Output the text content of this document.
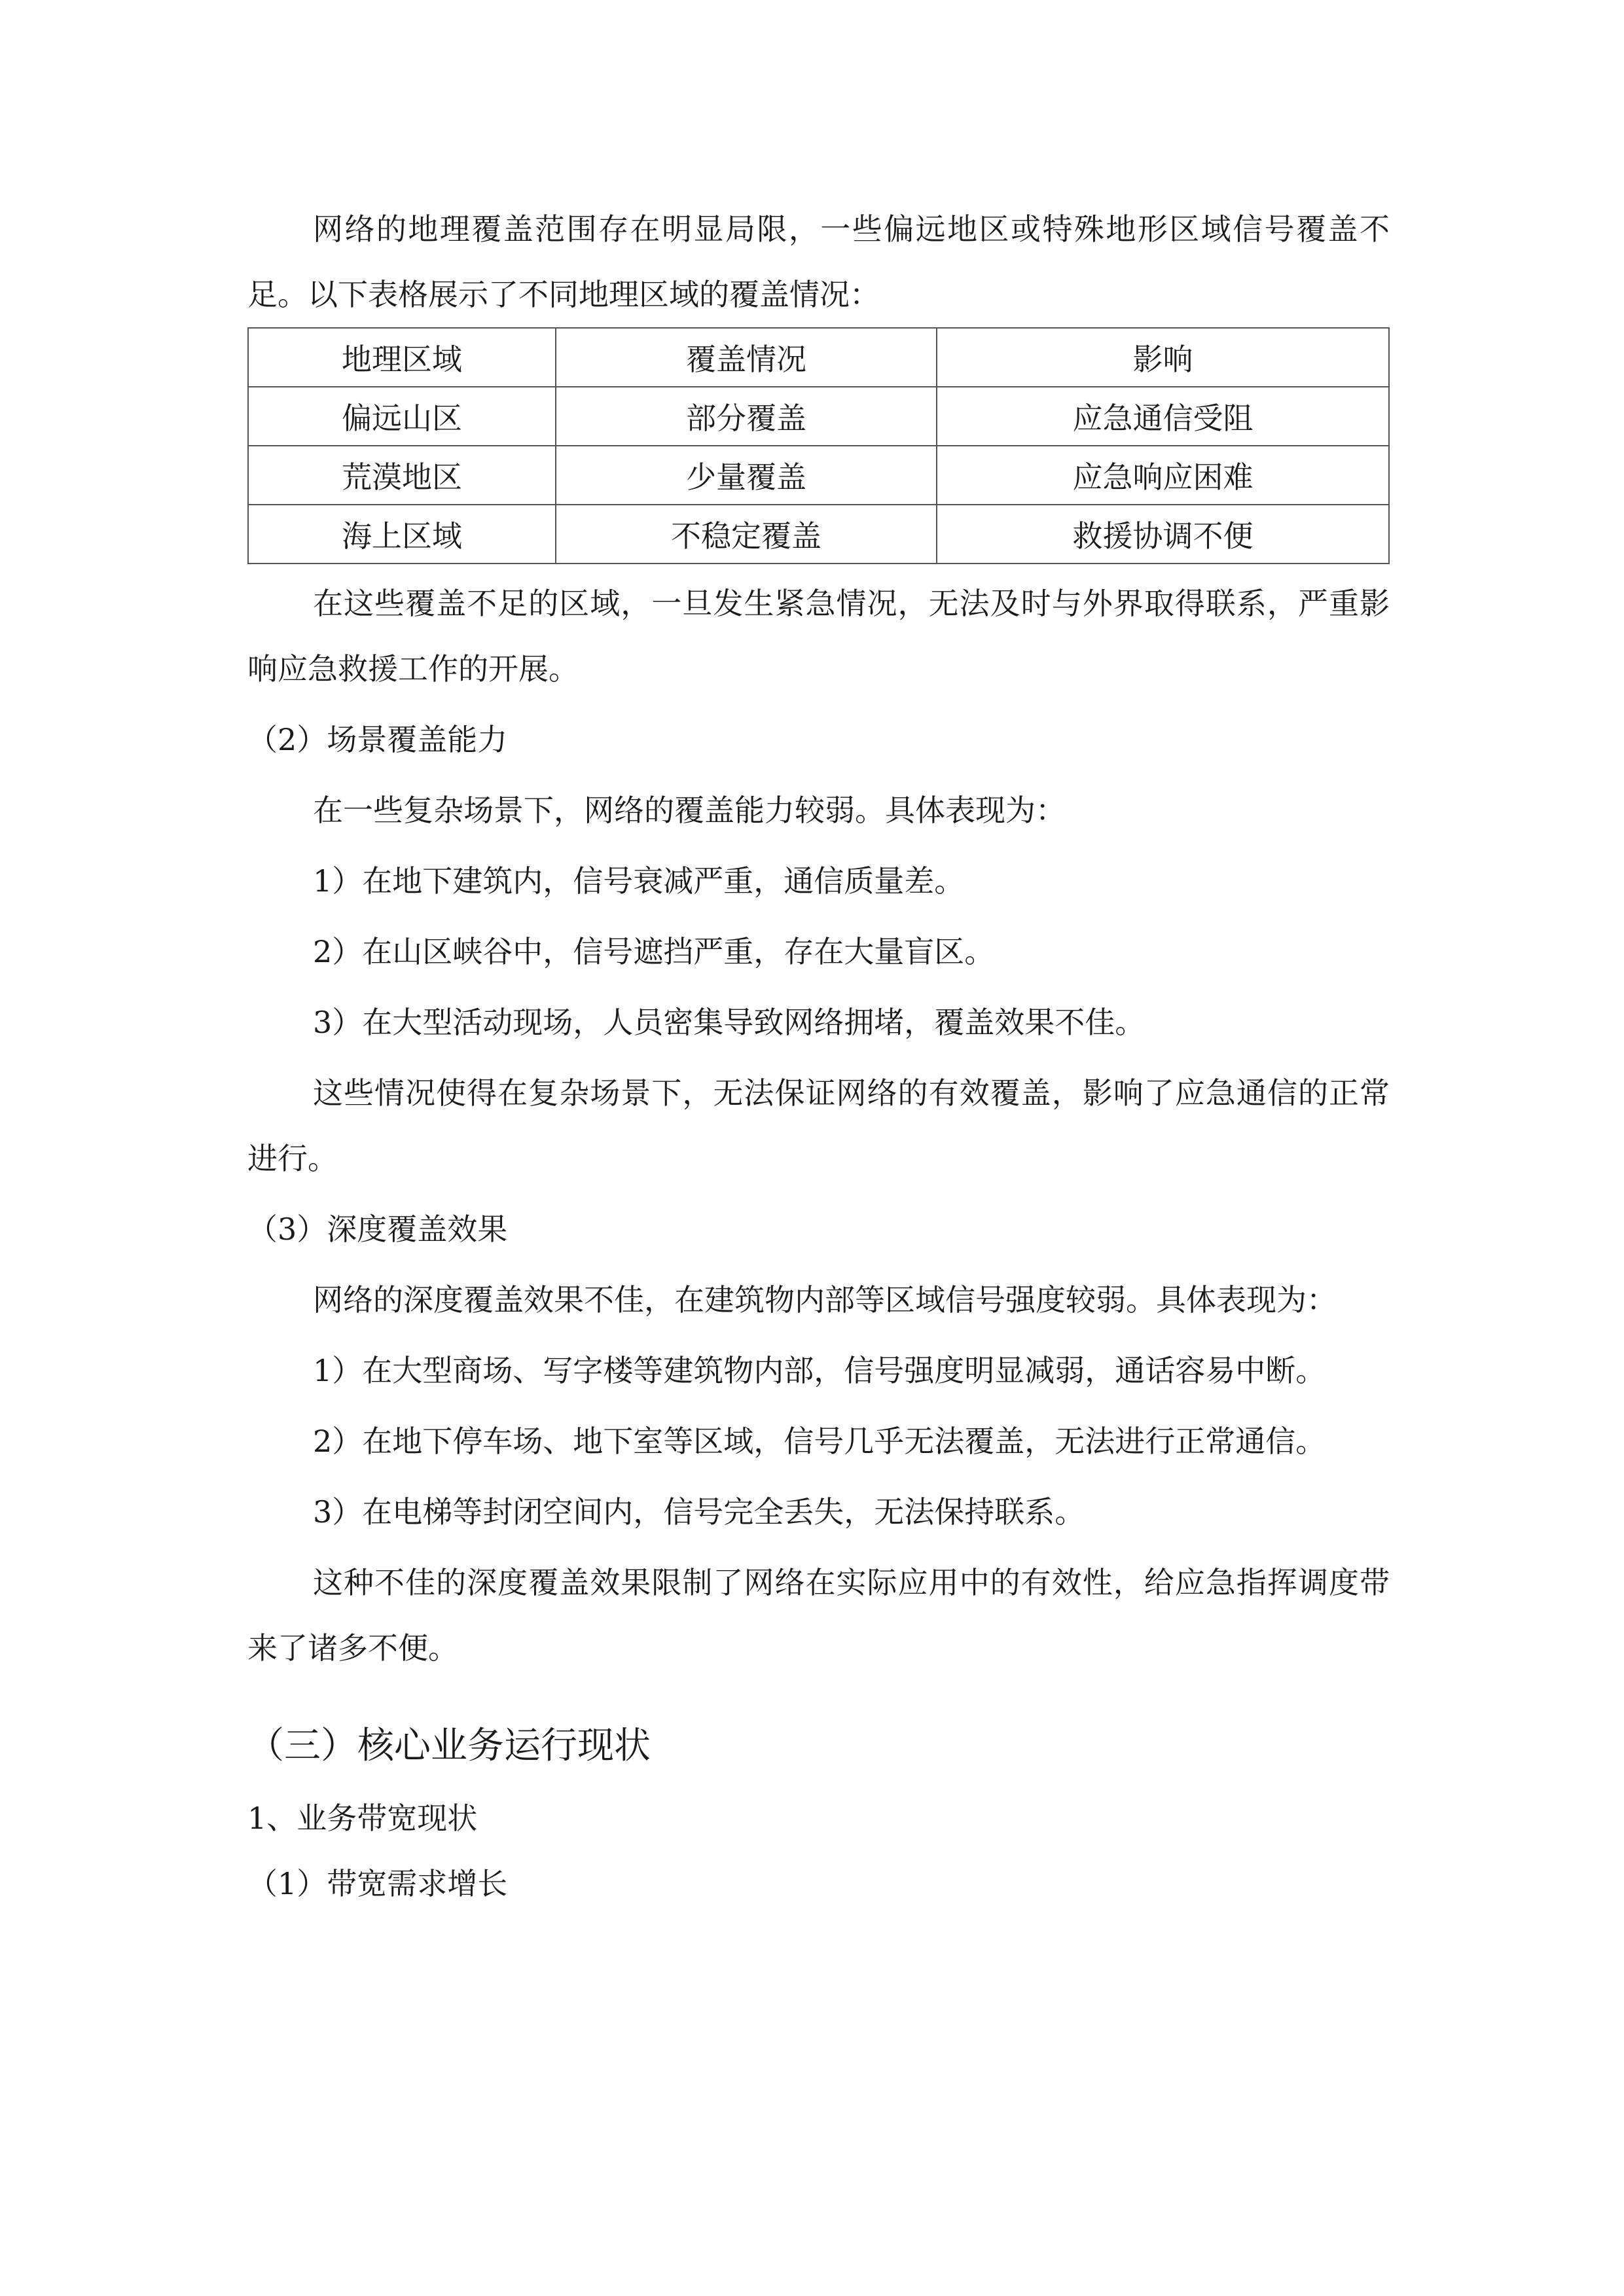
网络的地理覆盖范围存在明显局限，一些偏远地区或特殊地形区域信号覆盖不足。以下表格展示了不同地理区域的覆盖情况：

地理区域	覆盖情况	影响
偏远山区	部分覆盖	应急通信受阻
荒漠地区	少量覆盖	应急响应困难
海上区域	不稳定覆盖	救援协调不便

在这些覆盖不足的区域，一旦发生紧急情况，无法及时与外界取得联系，严重影响应急救援工作的开展。

（2）场景覆盖能力

在一些复杂场景下，网络的覆盖能力较弱。具体表现为：

1）在地下建筑内，信号衰减严重，通信质量差。

2）在山区峡谷中，信号遮挡严重，存在大量盲区。

3）在大型活动现场，人员密集导致网络拥堵，覆盖效果不佳。

这些情况使得在复杂场景下，无法保证网络的有效覆盖，影响了应急通信的正常进行。

（3）深度覆盖效果

网络的深度覆盖效果不佳，在建筑物内部等区域信号强度较弱。具体表现为：

1）在大型商场、写字楼等建筑物内部，信号强度明显减弱，通话容易中断。

2）在地下停车场、地下室等区域，信号几乎无法覆盖，无法进行正常通信。

3）在电梯等封闭空间内，信号完全丢失，无法保持联系。

这种不佳的深度覆盖效果限制了网络在实际应用中的有效性，给应急指挥调度带来了诸多不便。

（三）核心业务运行现状

1、业务带宽现状

（1）带宽需求增长
